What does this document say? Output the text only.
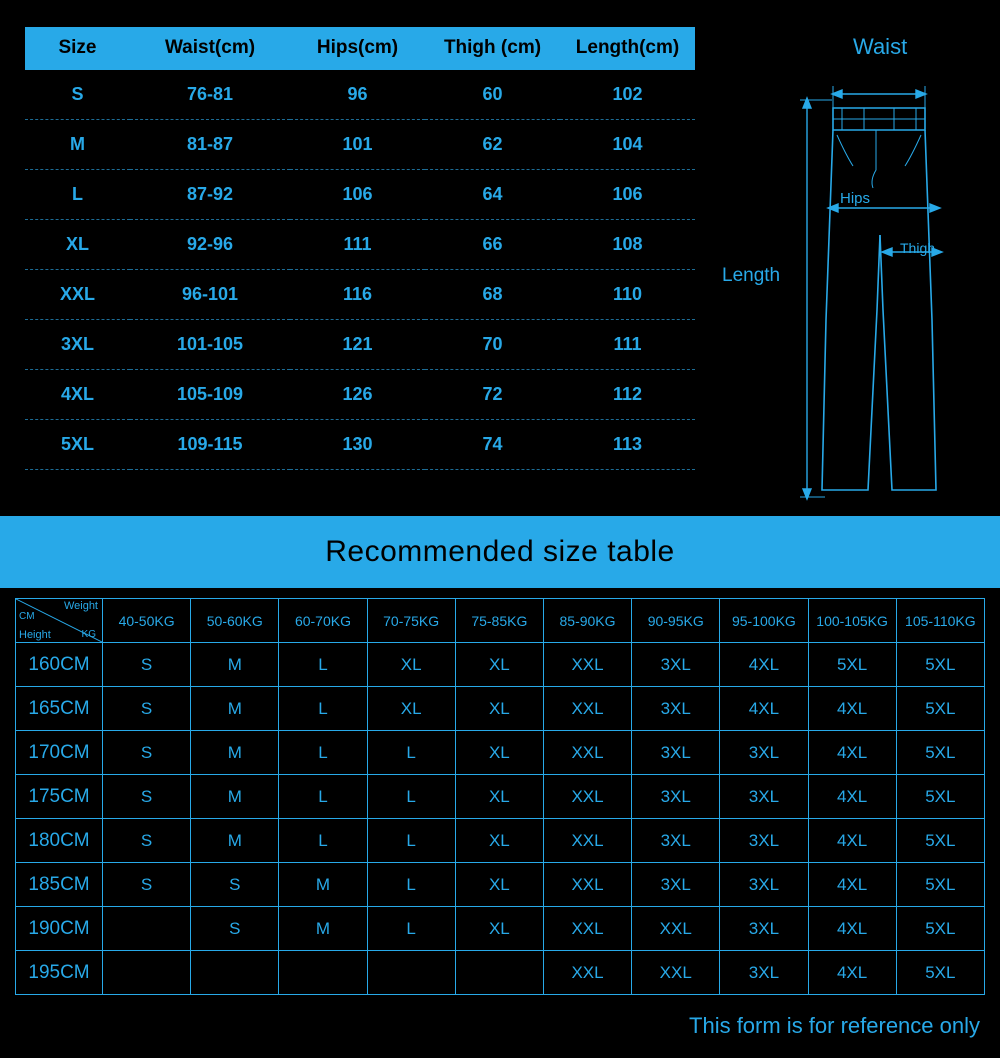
Size	Waist(cm)	Hips(cm)	Thigh (cm)	Length(cm)
S	76-81	96	60	102
M	81-87	101	62	104
L	87-92	106	64	106
XL	92-96	111	66	108
XXL	96-101	116	68	110
3XL	101-105	121	70	111
4XL	105-109	126	72	112
5XL	109-115	130	74	113
Waist
Hips
Thigh
Length
Recommended size table
Weight
KG
CM
Height	40-50KG	50-60KG	60-70KG	70-75KG	75-85KG	85-90KG	90-95KG	95-100KG	100-105KG	105-110KG
160CM	S	M	L	XL	XL	XXL	3XL	4XL	5XL	5XL
165CM	S	M	L	XL	XL	XXL	3XL	4XL	4XL	5XL
170CM	S	M	L	L	XL	XXL	3XL	3XL	4XL	5XL
175CM	S	M	L	L	XL	XXL	3XL	3XL	4XL	5XL
180CM	S	M	L	L	XL	XXL	3XL	3XL	4XL	5XL
185CM	S	S	M	L	XL	XXL	3XL	3XL	4XL	5XL
190CM		S	M	L	XL	XXL	XXL	3XL	4XL	5XL
195CM						XXL	XXL	3XL	4XL	5XL
This form is for reference only
